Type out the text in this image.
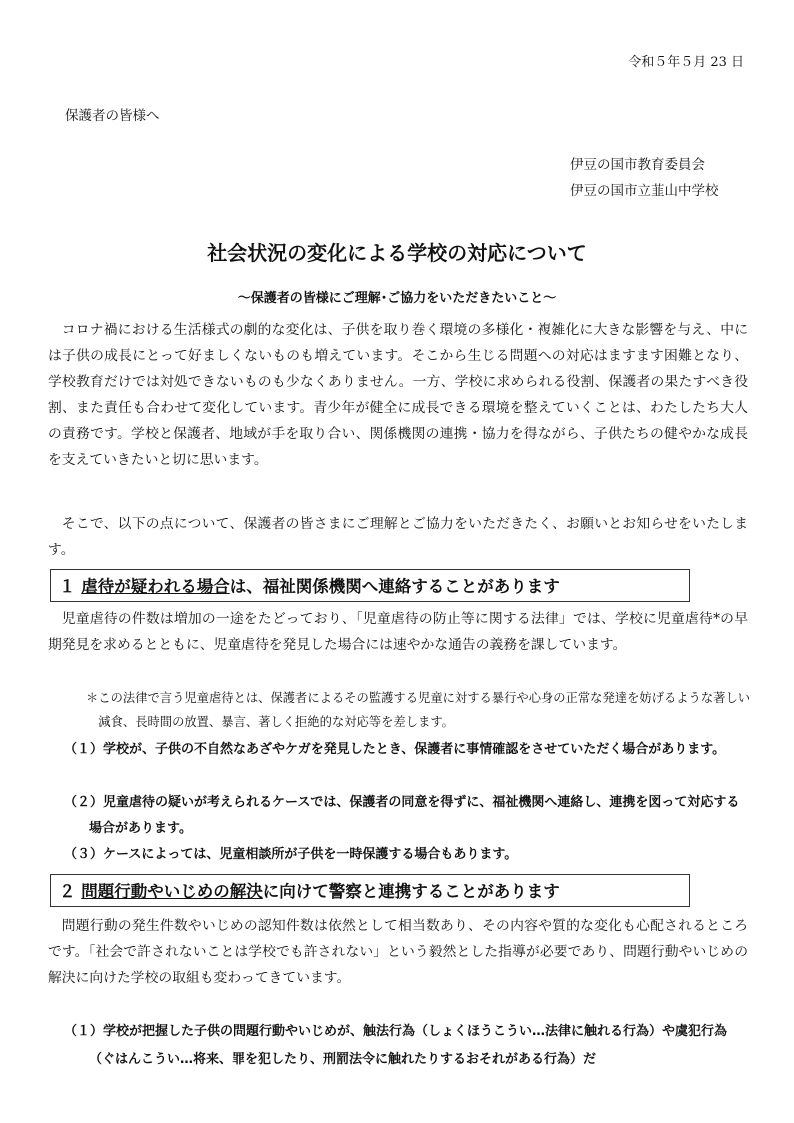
令和５年５月 23 日
保護者の皆様へ
伊豆の国市教育委員会
伊豆の国市立韮山中学校
社会状況の変化による学校の対応について
～保護者の皆様にご理解･ご協力をいただきたいこと～
コロナ禍における生活様式の劇的な変化は、子供を取り巻く環境の多様化・複雑化に大きな影響を与え、中には子供の成長にとって好ましくないものも増えています。そこから生じる問題への対応はますます困難となり、学校教育だけでは対処できないものも少なくありません。一方、学校に求められる役割、保護者の果たすべき役割、また責任も合わせて変化しています。青少年が健全に成長できる環境を整えていくことは、わたしたち大人の責務です。学校と保護者、地域が手を取り合い、関係機関の連携・協力を得ながら、子供たちの健やかな成長を支えていきたいと切に思います。
そこで、以下の点について、保護者の皆さまにご理解とご協力をいただきたく、お願いとお知らせをいたします。
１ 虐待が疑われる場合は、福祉関係機関へ連絡することがあります
児童虐待の件数は増加の一途をたどっており、「児童虐待の防止等に関する法律」では、学校に児童虐待*の早期発見を求めるとともに、児童虐待を発見した場合には速やかな通告の義務を課しています。
＊この法律で言う児童虐待とは、保護者によるその監護する児童に対する暴行や心身の正常な発達を妨げるような著しい減食、長時間の放置、暴言、著しく拒絶的な対応等を差します。
（１）学校が、子供の不自然なあざやケガを発見したとき、保護者に事情確認をさせていただく場合があります。
（２）児童虐待の疑いが考えられるケースでは、保護者の同意を得ずに、福祉機関へ連絡し、連携を図って対応する場合があります。
（３）ケースによっては、児童相談所が子供を一時保護する場合もあります。
２ 問題行動やいじめの解決に向けて警察と連携することがあります
問題行動の発生件数やいじめの認知件数は依然として相当数あり、その内容や質的な変化も心配されるところです。「社会で許されないことは学校でも許されない」という毅然とした指導が必要であり、問題行動やいじめの解決に向けた学校の取組も変わってきています。
（１）学校が把握した子供の問題行動やいじめが、触法行為（しょくほうこうい…法律に触れる行為）や虞犯行為（ぐはんこうい…将来、罪を犯したり、刑罰法令に触れたりするおそれがある行為）だ
